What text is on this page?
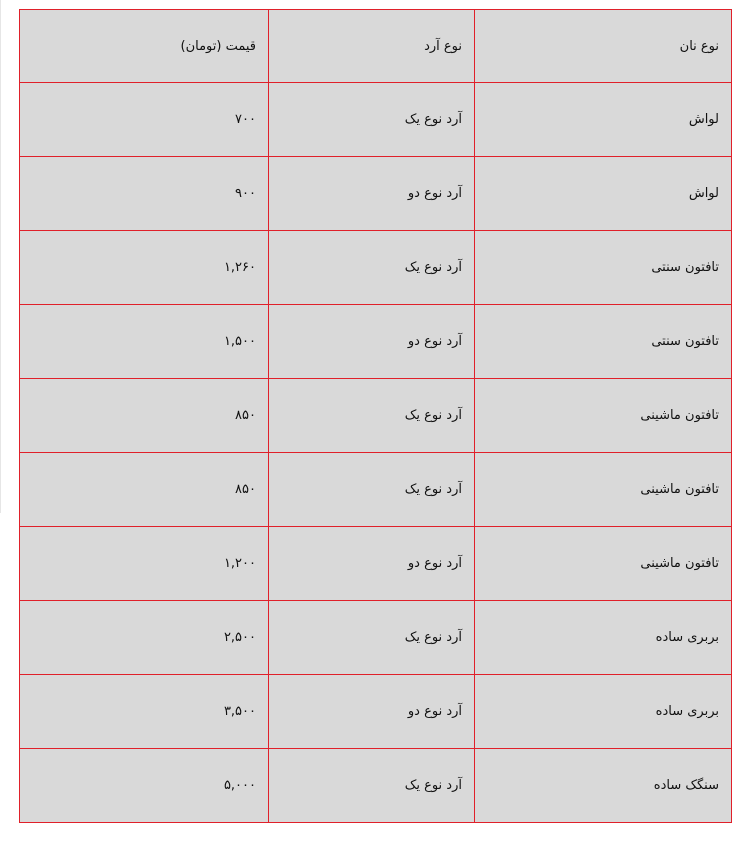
نوع نان	نوع آرد	قیمت (تومان)
لواش	آرد نوع یک	۷۰۰
لواش	آرد نوع دو	۹۰۰
تافتون سنتی	آرد نوع یک	۱,۲۶۰
تافتون سنتی	آرد نوع دو	۱,۵۰۰
تافتون ماشینی	آرد نوع یک	۸۵۰
تافتون ماشینی	آرد نوع یک	۸۵۰
تافتون ماشینی	آرد نوع دو	۱,۲۰۰
بربری ساده	آرد نوع یک	۲,۵۰۰
بربری ساده	آرد نوع دو	۳,۵۰۰
سنگک ساده	آرد نوع یک	۵,۰۰۰
